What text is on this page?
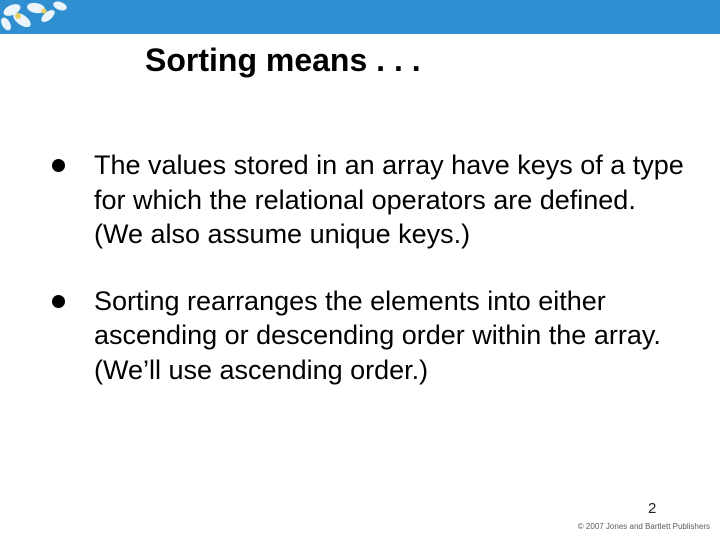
Sorting means . . .
The values stored in an array have keys of a type for which the relational operators are defined. (We also assume unique keys.)
Sorting rearranges the elements into either ascending or descending order within the array. (We’ll use ascending order.)
2
© 2007 Jones and Bartlett Publishers
